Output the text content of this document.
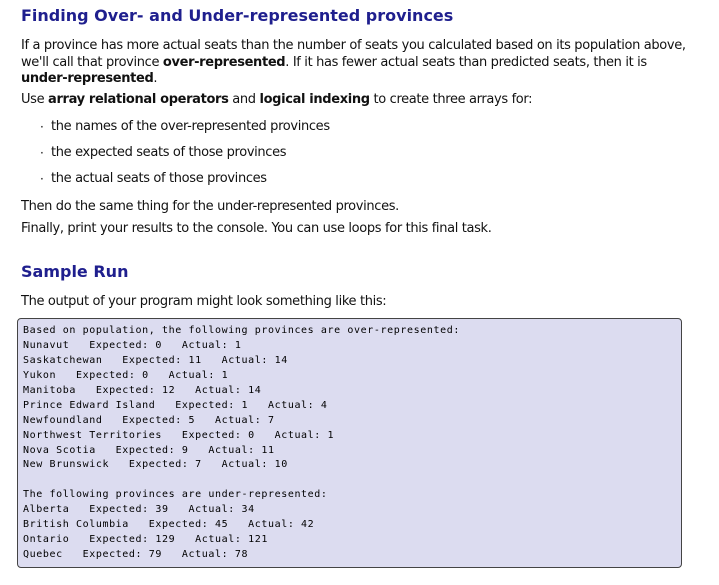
Finding Over- and Under-represented provinces
If a province has more actual seats than the number of seats you calculated based on its population above, we'll call that province over-represented. If it has fewer actual seats than predicted seats, then it is under-represented.
Use array relational operators and logical indexing to create three arrays for:
· the names of the over-represented provinces
· the expected seats of those provinces
· the actual seats of those provinces
Then do the same thing for the under-represented provinces.
Finally, print your results to the console. You can use loops for this final task.
Sample Run
The output of your program might look something like this:
Based on population, the following provinces are over-represented:
Nunavut   Expected: 0   Actual: 1
Saskatchewan   Expected: 11   Actual: 14
Yukon   Expected: 0   Actual: 1
Manitoba   Expected: 12   Actual: 14
Prince Edward Island   Expected: 1   Actual: 4
Newfoundland   Expected: 5   Actual: 7
Northwest Territories   Expected: 0   Actual: 1
Nova Scotia   Expected: 9   Actual: 11
New Brunswick   Expected: 7   Actual: 10
The following provinces are under-represented:
Alberta   Expected: 39   Actual: 34
British Columbia   Expected: 45   Actual: 42
Ontario   Expected: 129   Actual: 121
Quebec   Expected: 79   Actual: 78
